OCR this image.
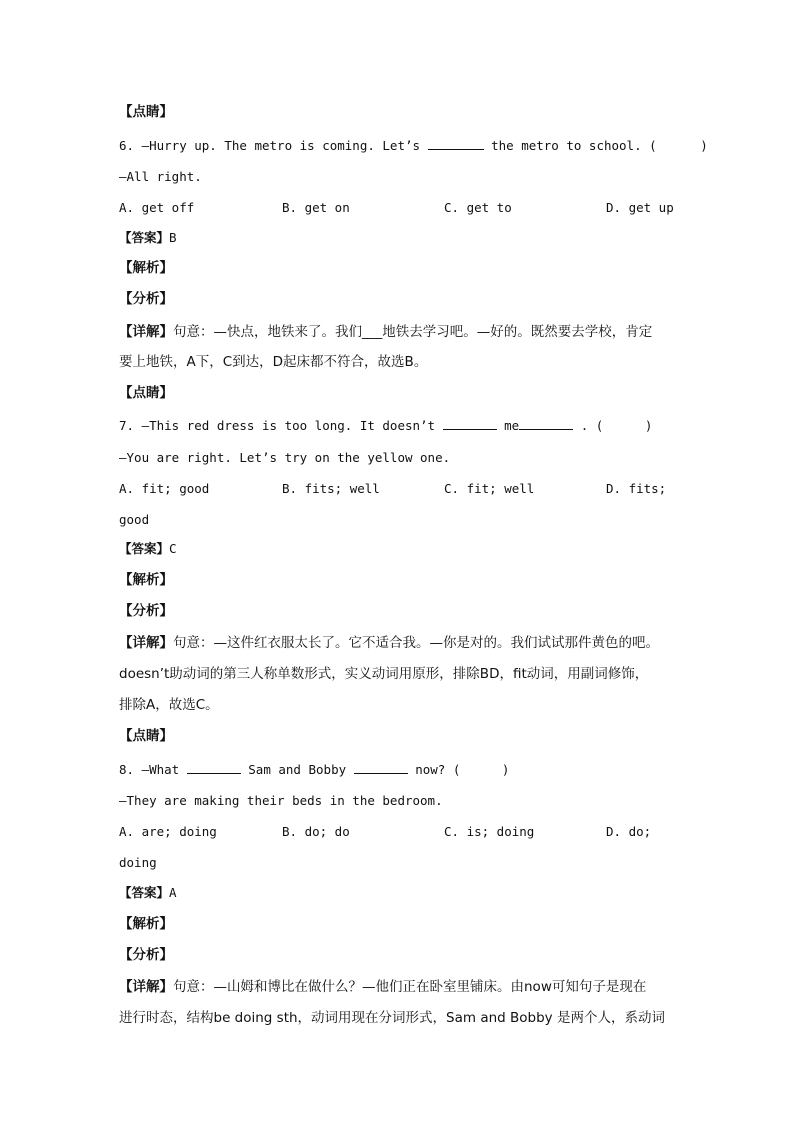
【点睛】
6. —Hurry up. The metro is coming. Let’s	the metro to school. (	)
—All right.
A. get off	B. get on	C. get to	D. get up
【答案】B
【解析】
【分析】
【详解】句意：—快点，地铁来了。我们___地铁去学习吧。—好的。既然要去学校，肯定
要上地铁，A下，C到达，D起床都不符合，故选B。
【点睛】
7. —This red dress is too long. It doesn’t	me	. (	)
—You are right. Let’s try on the yellow one.
A. fit; good	B. fits; well	C. fit; well	D. fits;
good
【答案】C
【解析】
【分析】
【详解】句意：—这件红衣服太长了。它不适合我。—你是对的。我们试试那件黄色的吧。
doesn’t助动词的第三人称单数形式，实义动词用原形，排除BD，fit动词，用副词修饰，
排除A，故选C。
【点睛】
8. —What	Sam and Bobby	now? (	)
—They are making their beds in the bedroom.
A. are; doing	B. do; do	C. is; doing	D. do;
doing
【答案】A
【解析】
【分析】
【详解】句意：—山姆和博比在做什么？—他们正在卧室里铺床。由now可知句子是现在
进行时态，结构be doing sth，动词用现在分词形式，Sam and Bobby 是两个人，系动词
